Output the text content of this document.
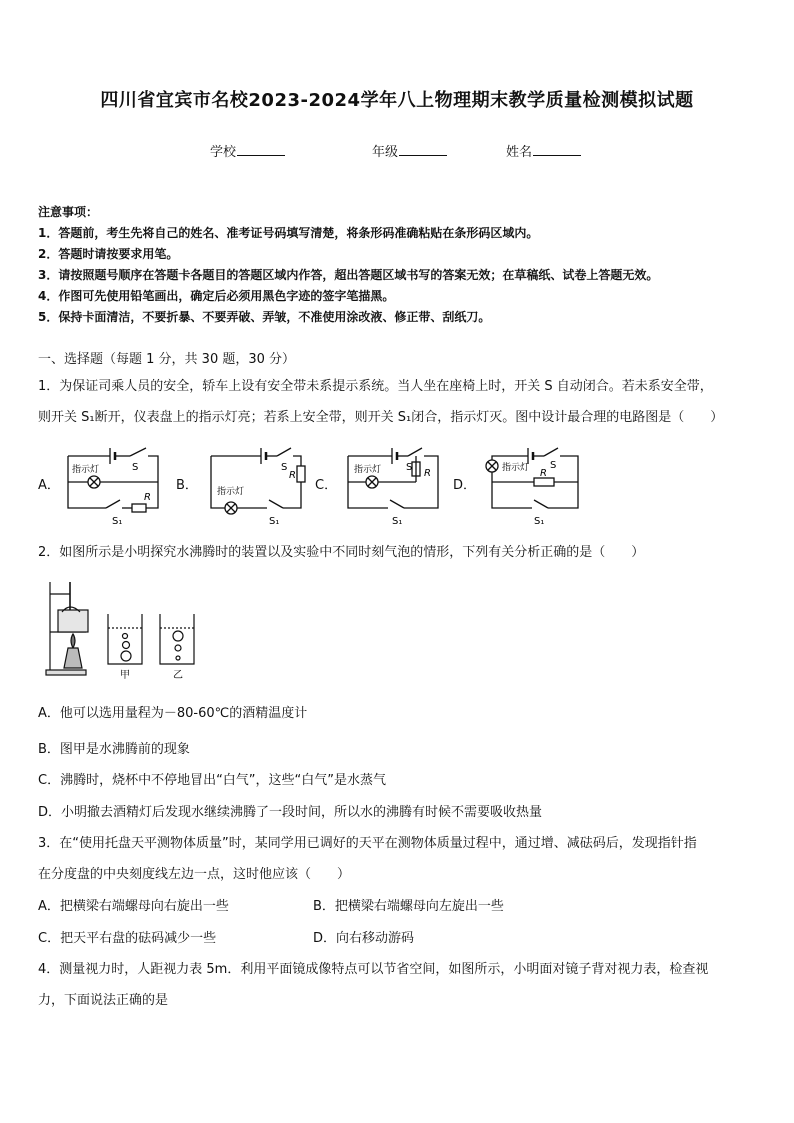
四川省宜宾市名校2023-2024学年八上物理期末教学质量检测模拟试题
学校	年级	姓名
注意事项：
1．答题前，考生先将自己的姓名、准考证号码填写清楚，将条形码准确粘贴在条形码区域内。
2．答题时请按要求用笔。
3．请按照题号顺序在答题卡各题目的答题区域内作答，超出答题区域书写的答案无效；在草稿纸、试卷上答题无效。
4．作图可先使用铅笔画出，确定后必须用黑色字迹的签字笔描黑。
5．保持卡面清洁，不要折暴、不要弄破、弄皱，不准使用涂改液、修正带、刮纸刀。
一、选择题（每题 1 分，共 30 题，30 分）
1．为保证司乘人员的安全，轿车上设有安全带未系提示系统。当人坐在座椅上时，开关 S 自动闭合。若未系安全带，
则开关 S₁断开，仪表盘上的指示灯亮；若系上安全带，则开关 S₁闭合，指示灯灭。图中设计最合理的电路图是（　　）
A．	B．	C．	D．
指示灯	S
R
S₁
指示灯
S
R
S₁
指示灯 S
R
S₁
指示灯 S
R
S₁
2．如图所示是小明探究水沸腾时的装置以及实验中不同时刻气泡的情形，下列有关分析正确的是（　　）
甲	乙
A．他可以选用量程为－80-60℃的酒精温度计
B．图甲是水沸腾前的现象
C．沸腾时，烧杯中不停地冒出“白气”，这些“白气”是水蒸气
D．小明撤去酒精灯后发现水继续沸腾了一段时间，所以水的沸腾有时候不需要吸收热量
3．在“使用托盘天平测物体质量”时，某同学用已调好的天平在测物体质量过程中，通过增、减砝码后，发现指针指
在分度盘的中央刻度线左边一点，这时他应该（　　）
A．把横梁右端螺母向右旋出一些	B．把横梁右端螺母向左旋出一些
C．把天平右盘的砝码减少一些	D．向右移动游码
4．测量视力时，人距视力表 5m．利用平面镜成像特点可以节省空间，如图所示，小明面对镜子背对视力表，检查视
力，下面说法正确的是
